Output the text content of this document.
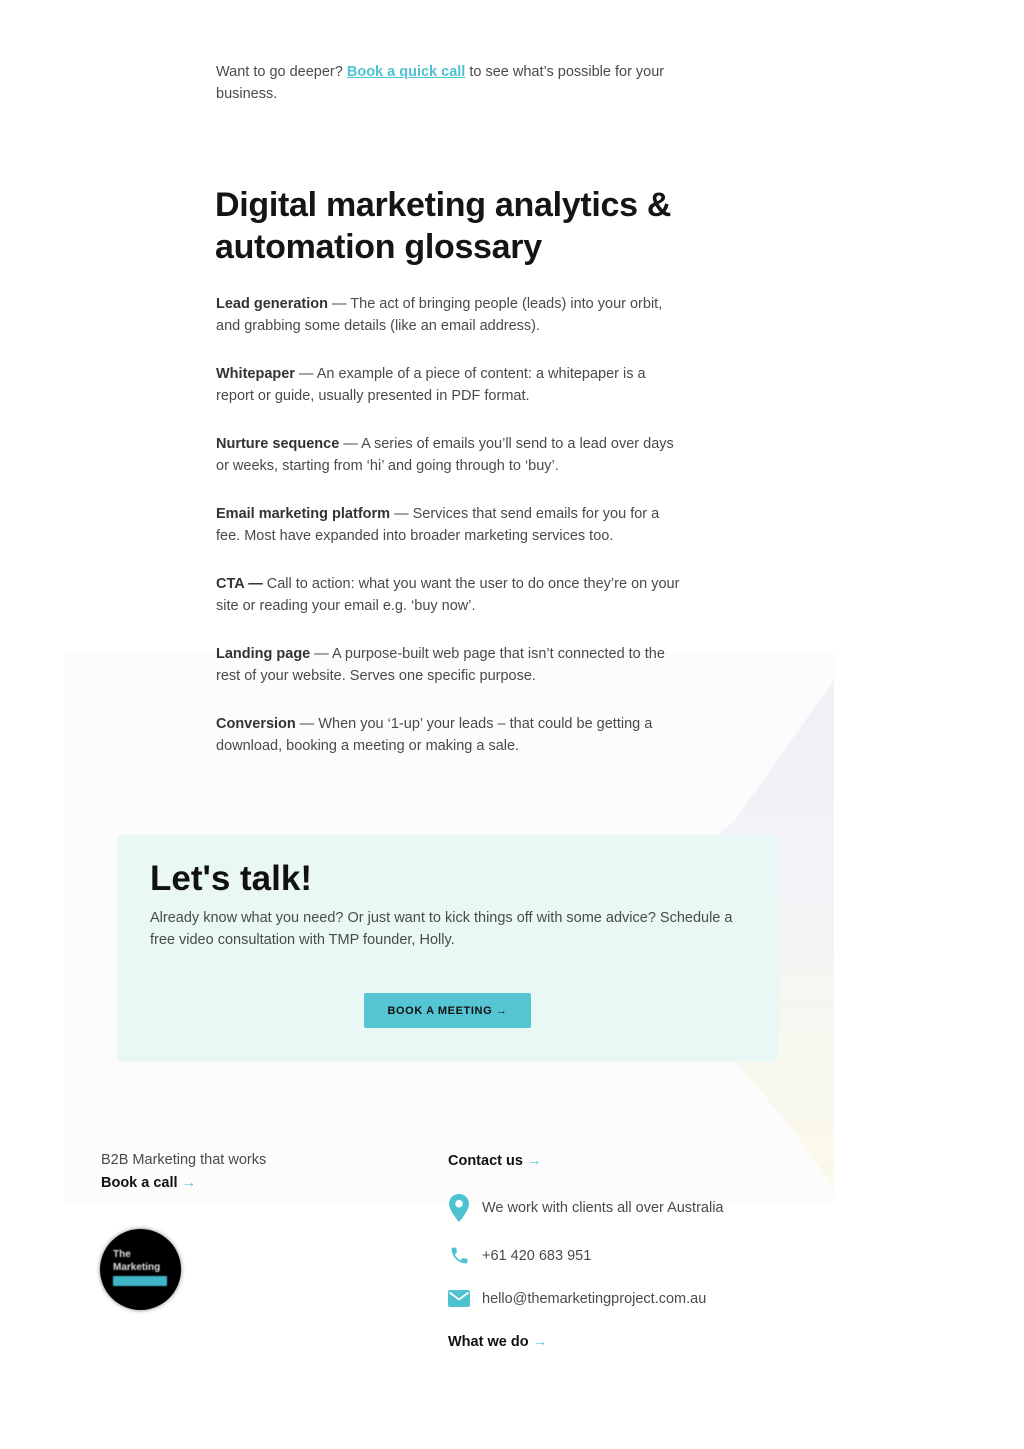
Want to go deeper? Book a quick call to see what’s possible for your business.

Digital marketing analytics & automation glossary

Lead generation — The act of bringing people (leads) into your orbit, and grabbing some details (like an email address).

Whitepaper — An example of a piece of content: a whitepaper is a report or guide, usually presented in PDF format.

Nurture sequence — A series of emails you’ll send to a lead over days or weeks, starting from ‘hi’ and going through to ‘buy’.

Email marketing platform — Services that send emails for you for a fee. Most have expanded into broader marketing services too.

CTA — Call to action: what you want the user to do once they’re on your site or reading your email e.g. ‘buy now’.

Landing page — A purpose-built web page that isn’t connected to the rest of your website. Serves one specific purpose.

Conversion — When you ‘1-up’ your leads – that could be getting a download, booking a meeting or making a sale.

Let's talk!

Already know what you need? Or just want to kick things off with some advice? Schedule a free video consultation with TMP founder, Holly.

BOOK A MEETING →
B2B Marketing that works
Book a call →
The
Marketing
Contact us →
We work with clients all over Australia
+61 420 683 951
hello@themarketingproject.com.au
What we do →
